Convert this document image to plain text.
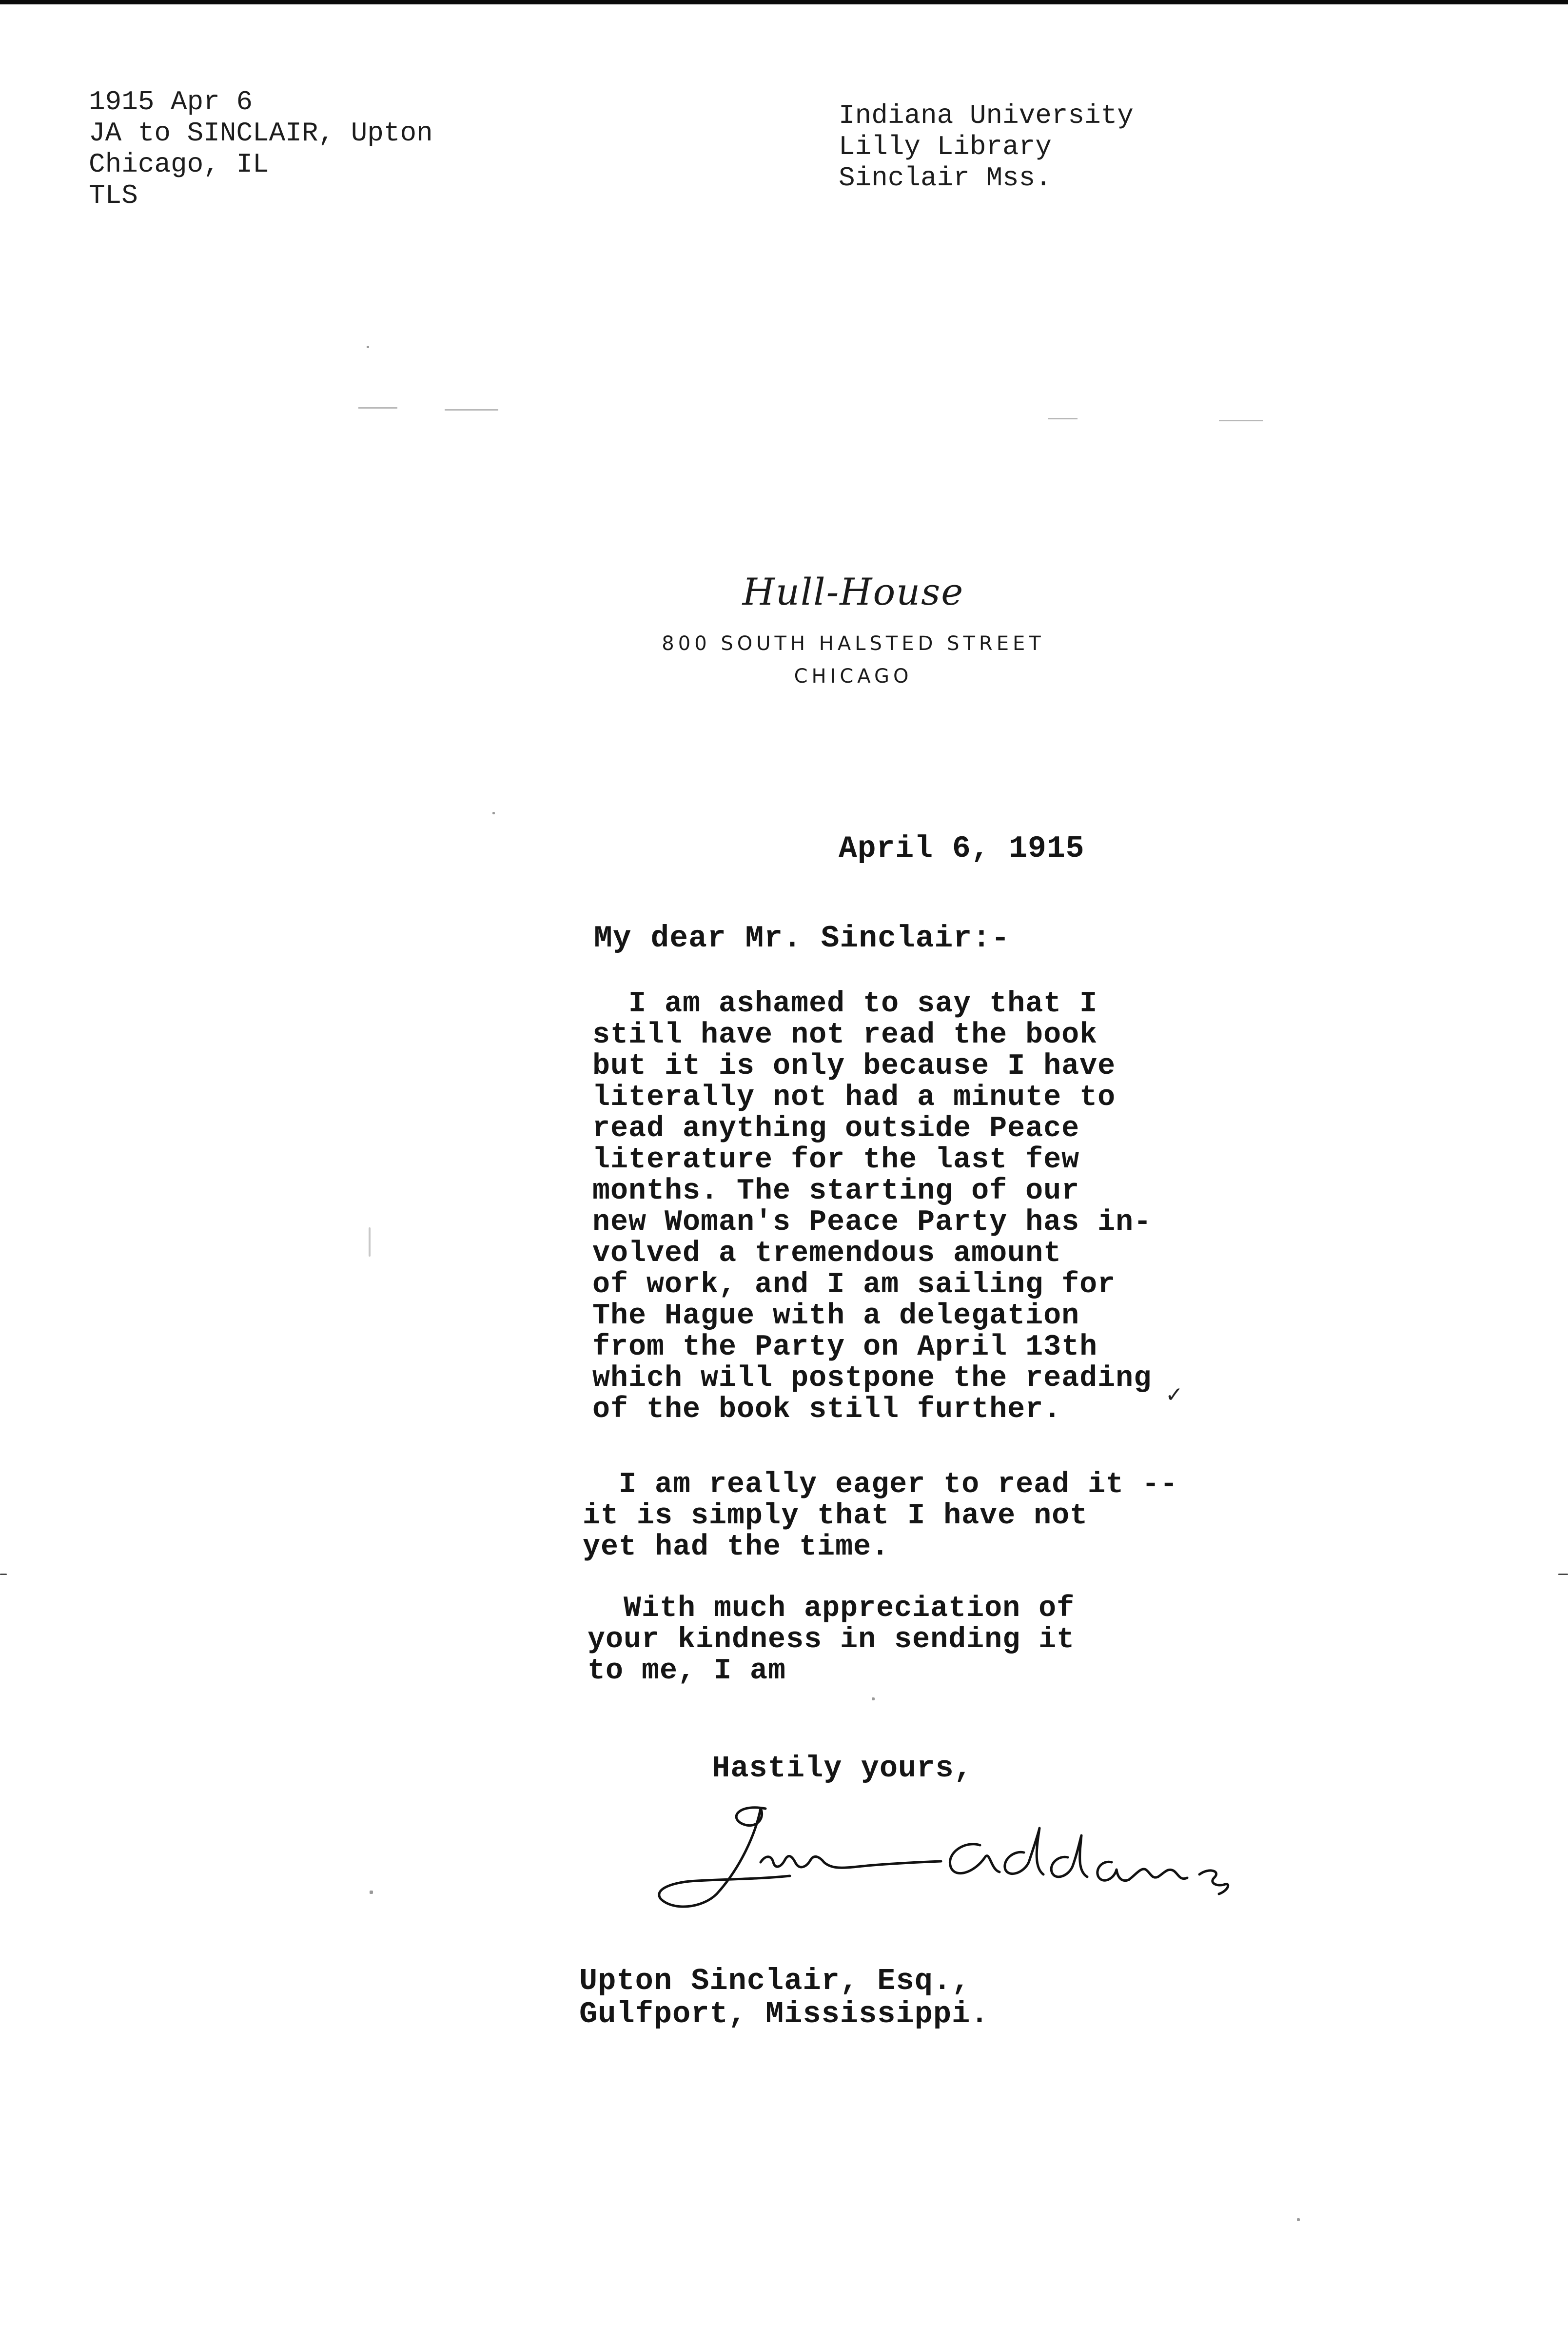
1915 Apr 6
JA to SINCLAIR, Upton
Chicago, IL
TLS
Indiana University
Lilly Library
Sinclair Mss.
Hull-House
800 SOUTH HALSTED STREET
CHICAGO
April 6, 1915
My dear Mr. Sinclair:-
I am ashamed to say that I
still have not read the book
but it is only because I have
literally not had a minute to
read anything outside Peace
literature for the last few
months. The starting of our
new Woman's Peace Party has in-
volved a tremendous amount
of work, and I am sailing for
The Hague with a delegation
from the Party on April 13th
which will postpone the reading
of the book still further.	✓
I am really eager to read it --
it is simply that I have not
yet had the time.
With much appreciation of
your kindness in sending it
to me, I am
Hastily yours,
Upton Sinclair, Esq.,
Gulfport, Mississippi.
